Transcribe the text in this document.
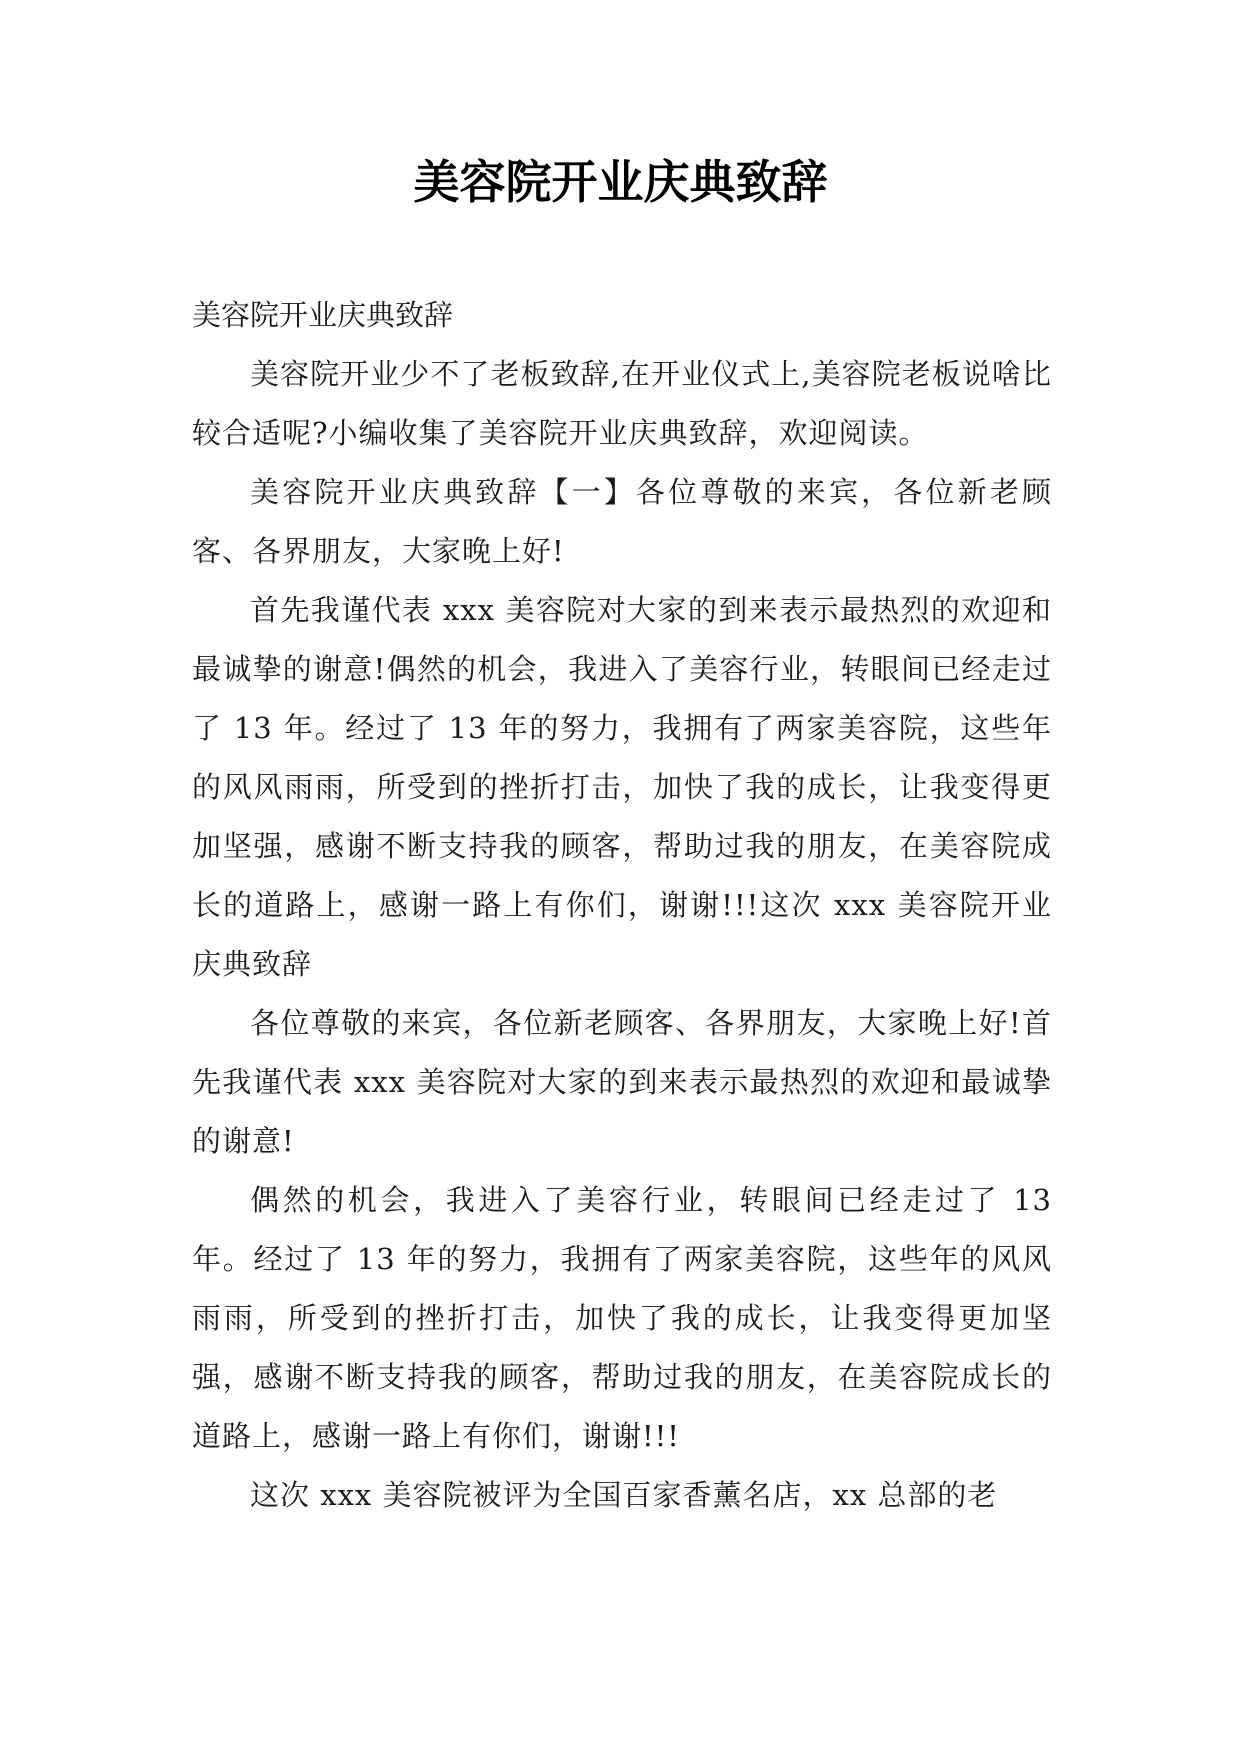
美容院开业庆典致辞

美容院开业庆典致辞

美容院开业少不了老板致辞,在开业仪式上,美容院老板说啥比较合适呢?小编收集了美容院开业庆典致辞，欢迎阅读。

美容院开业庆典致辞【一】各位尊敬的来宾，各位新老顾客、各界朋友，大家晚上好!

首先我谨代表 xxx 美容院对大家的到来表示最热烈的欢迎和最诚挚的谢意!偶然的机会，我进入了美容行业，转眼间已经走过了 13 年。经过了 13 年的努力，我拥有了两家美容院，这些年的风风雨雨，所受到的挫折打击，加快了我的成长，让我变得更加坚强，感谢不断支持我的顾客，帮助过我的朋友，在美容院成长的道路上，感谢一路上有你们，谢谢!!!这次 xxx 美容院开业庆典致辞

各位尊敬的来宾，各位新老顾客、各界朋友，大家晚上好!首先我谨代表 xxx 美容院对大家的到来表示最热烈的欢迎和最诚挚的谢意!

偶然的机会，我进入了美容行业，转眼间已经走过了 13 年。经过了 13 年的努力，我拥有了两家美容院，这些年的风风雨雨，所受到的挫折打击，加快了我的成长，让我变得更加坚强，感谢不断支持我的顾客，帮助过我的朋友，在美容院成长的道路上，感谢一路上有你们，谢谢!!!

这次 xxx 美容院被评为全国百家香薰名店，xx 总部的老
